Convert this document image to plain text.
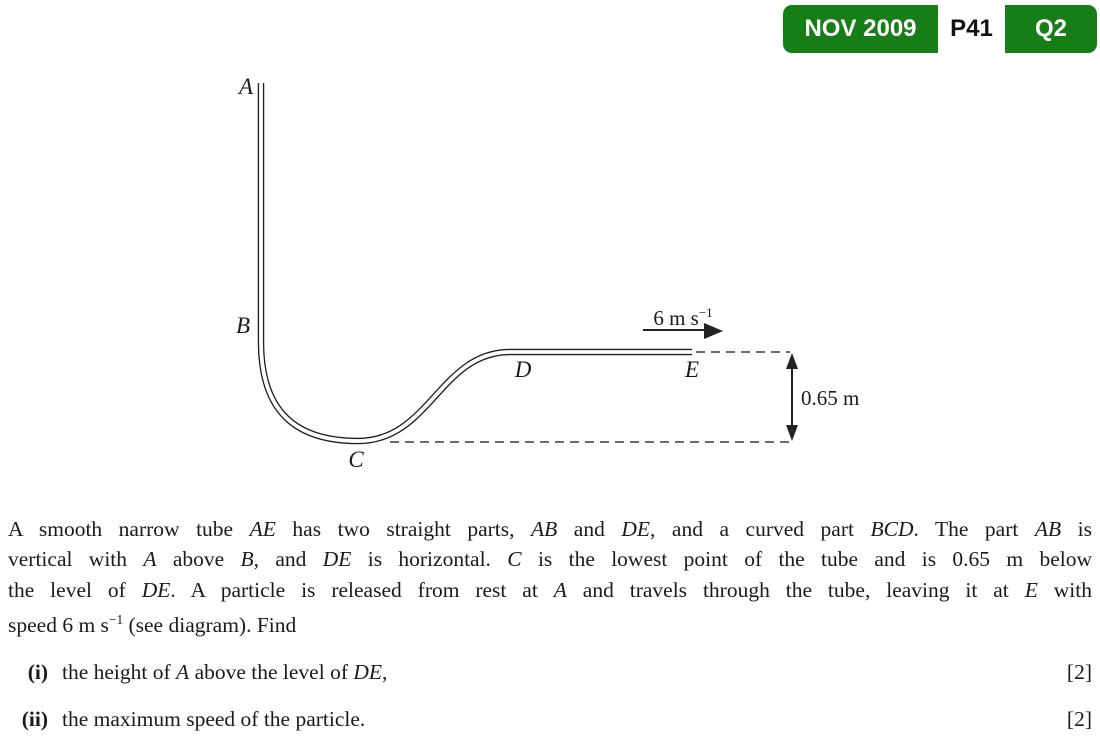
NOV 2009	P41	Q2
A
B
C
D	E
6 m $s^{-1}$
0.65 m
A smooth narrow tube AE has two straight parts, AB and DE, and a curved part BCD. The part AB is
vertical with A above B, and DE is horizontal. C is the lowest point of the tube and is 0.65 m below
the level of DE. A particle is released from rest at A and travels through the tube, leaving it at E with
speed 6 m $s^{-1}$ (see diagram). Find
(i) the height of A above the level of DE,	[2]
(ii) the maximum speed of the particle.	[2]
